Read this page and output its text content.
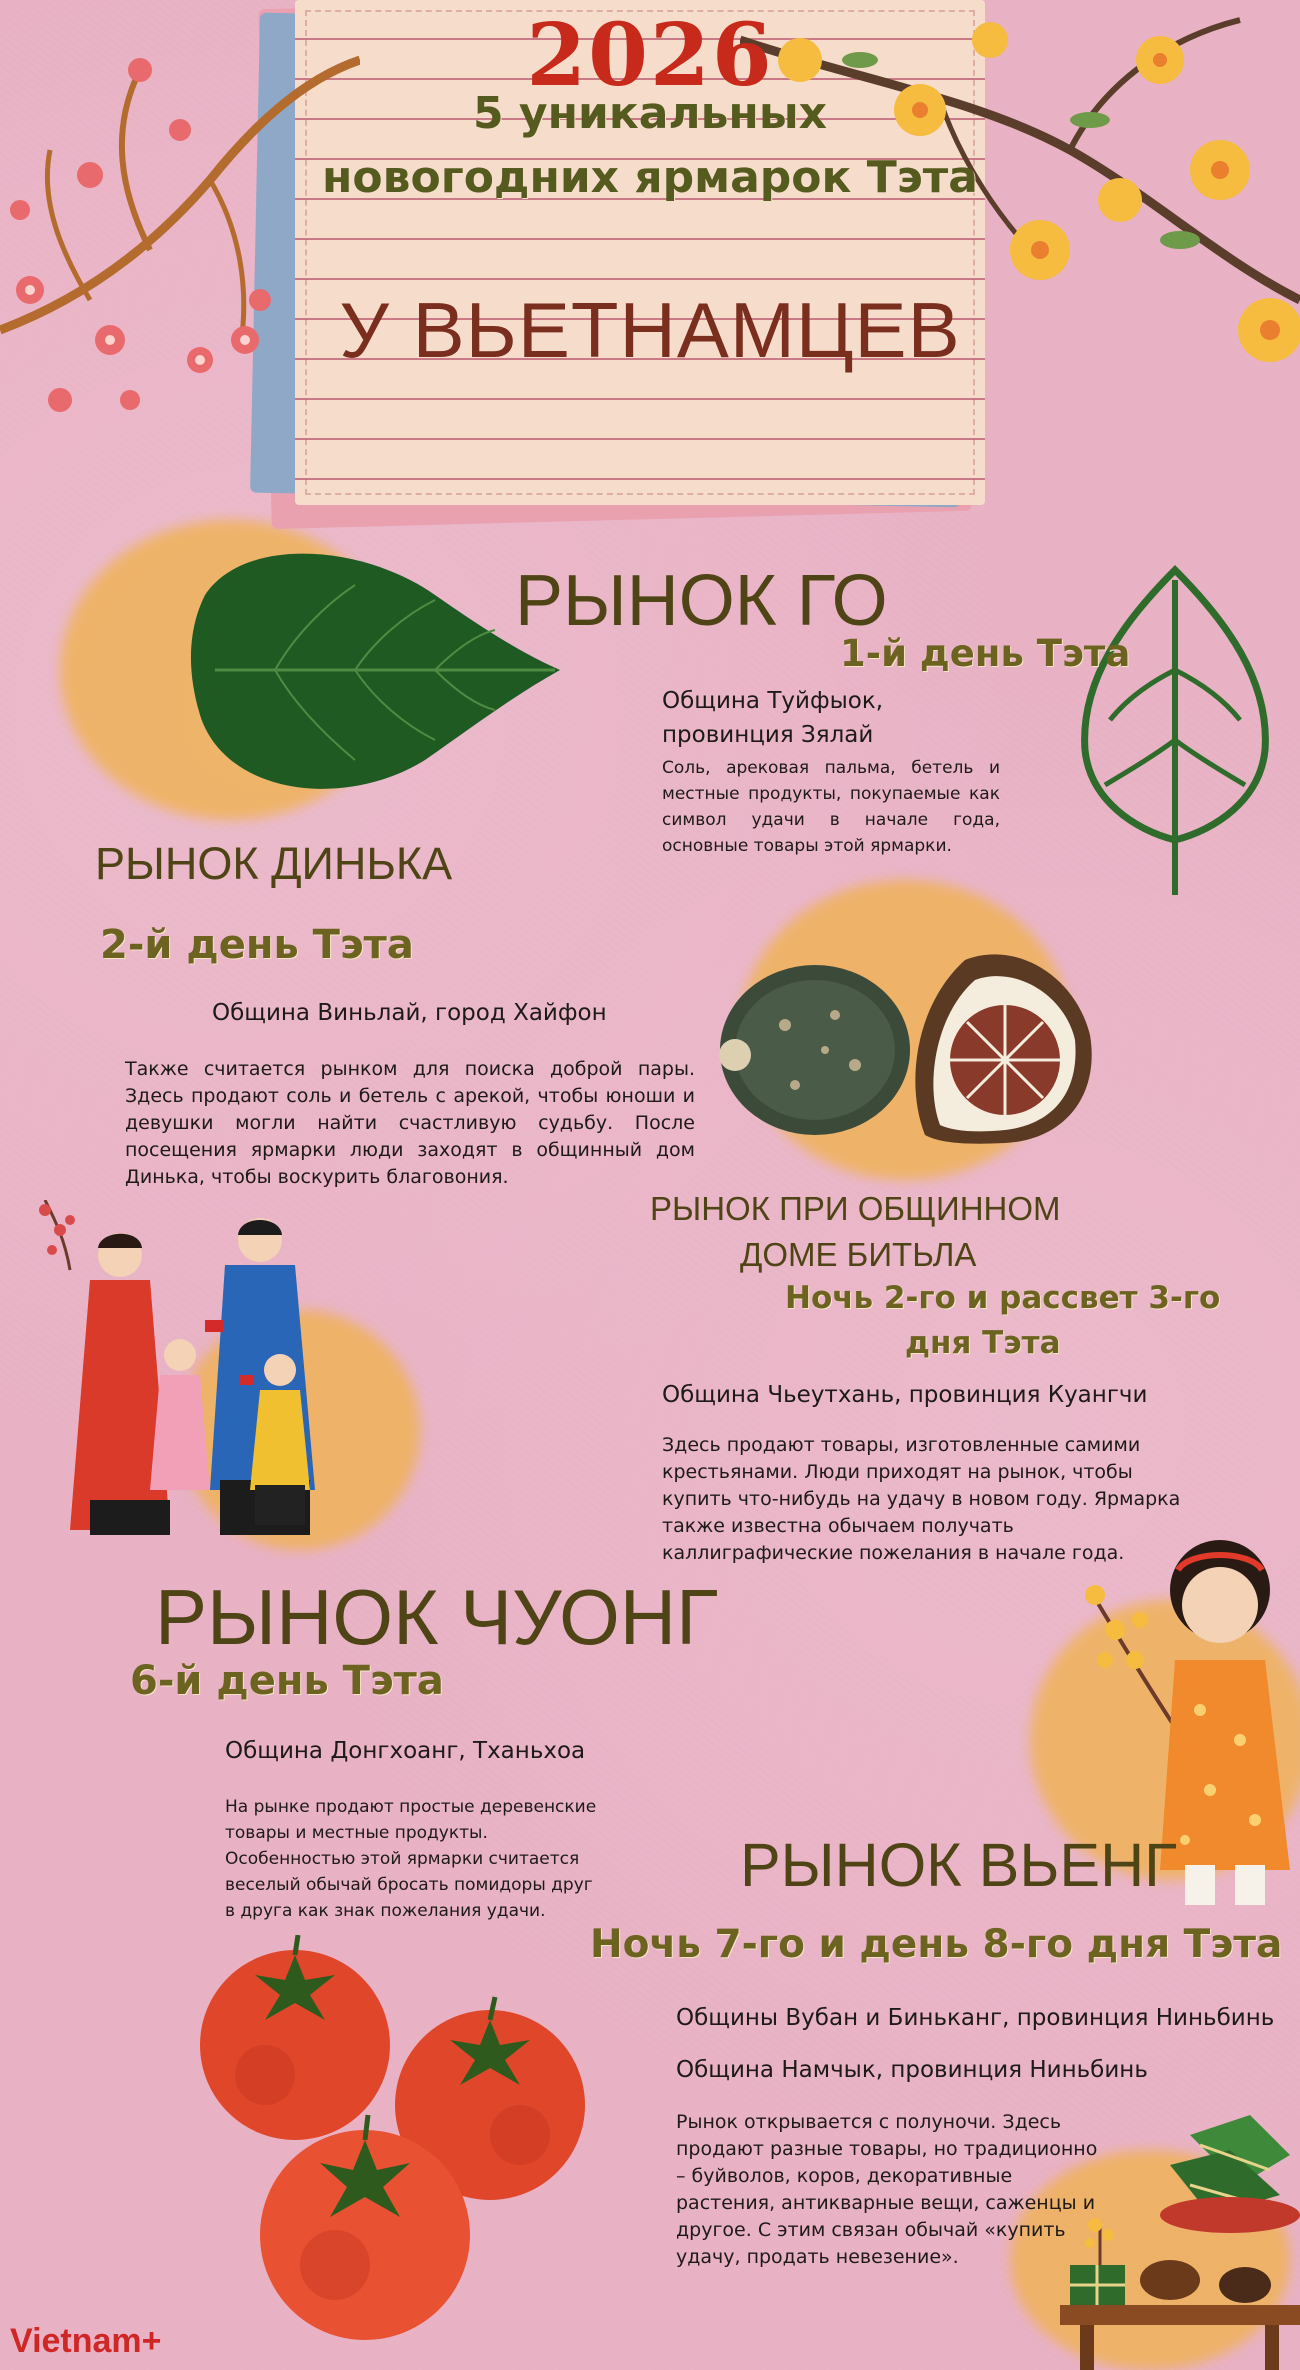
2026
5 уникальных
новогодних ярмарок Тэта
У ВЬЕТНАМЦЕВ
РЫНОК ГО
1-й день Тэта
Община Туйфыок,
провинция Зялай
Соль, арековая пальма, бетель и местные продукты, покупаемые как символ удачи в начале года, основные товары этой ярмарки.
РЫНОК ДИНЬКА
2-й день Тэта
Община Виньлай, город Хайфон
Также считается рынком для поиска доброй пары. Здесь продают соль и бетель с арекой, чтобы юноши и девушки могли найти счастливую судьбу. После посещения ярмарки люди заходят в общинный дом Динька, чтобы воскурить благовония.
РЫНОК ПРИ ОБЩИННОМ
ДОМЕ БИТЬЛА
Ночь 2-го и рассвет 3-го
дня Тэта
Община Чьеутхань, провинция Куангчи
Здесь продают товары, изготовленные самими крестьянами. Люди приходят на рынок, чтобы купить что-нибудь на удачу в новом году. Ярмарка также известна обычаем получать каллиграфические пожелания в начале года.
РЫНОК ЧУОНГ
6-й день Тэта
Община Донгхоанг, Тханьхоа
На рынке продают простые деревенские товары и местные продукты. Особенностью этой ярмарки считается веселый обычай бросать помидоры друг в друга как знак пожелания удачи.
РЫНОК ВЬЕНГ
Ночь 7-го и день 8-го дня Тэта
Общины Вубан и Биньканг, провинция Ниньбинь
Община Намчык, провинция Ниньбинь
Рынок открывается с полуночи. Здесь продают разные товары, но традиционно – буйволов, коров, декоративные растения, антикварные вещи, саженцы и другое. С этим связан обычай «купить удачу, продать невезение».
Vietnam+
